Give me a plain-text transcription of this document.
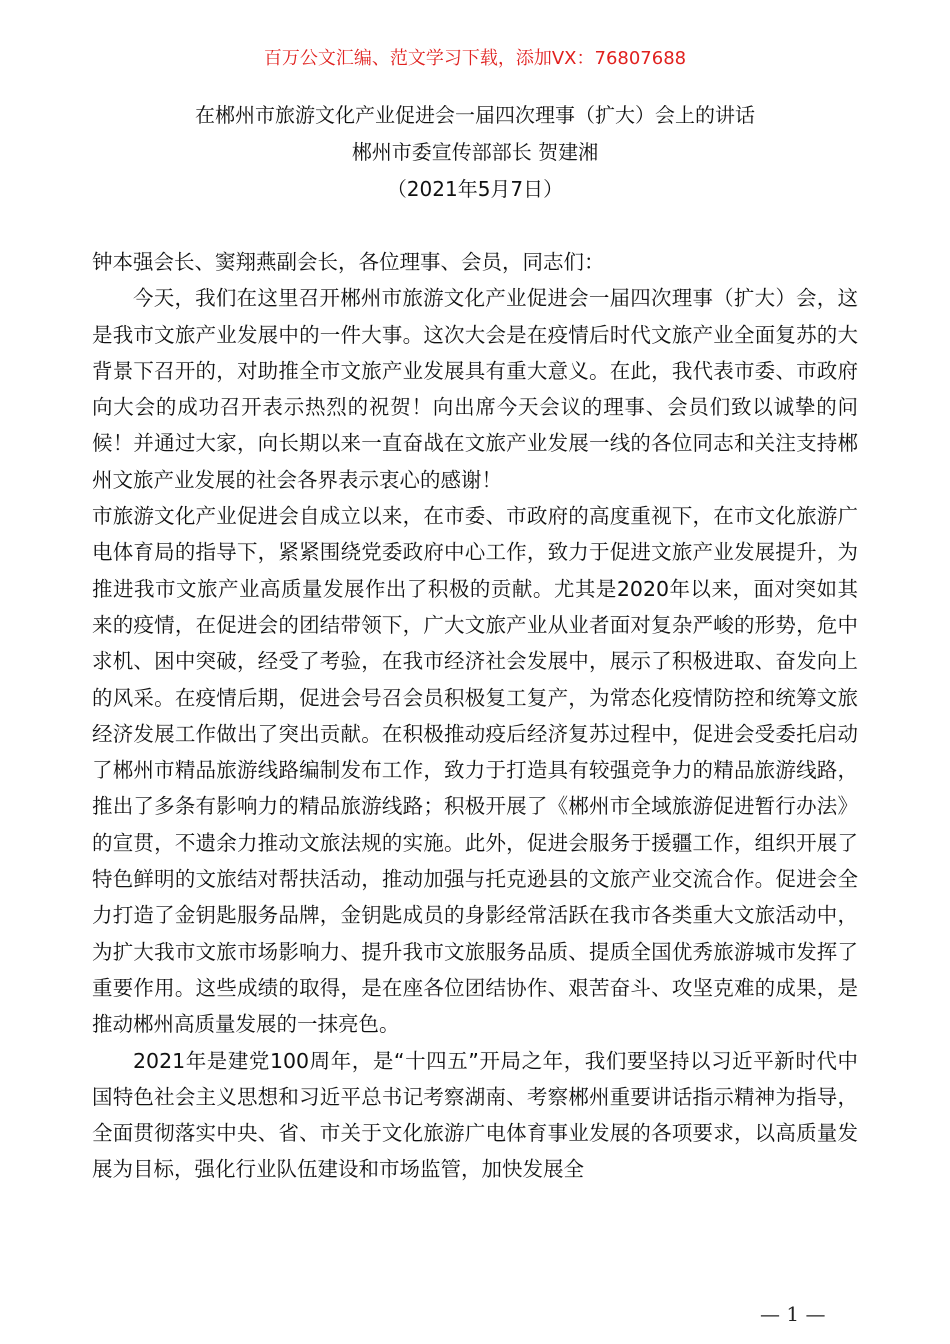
百万公文汇编、范文学习下载，添加VX：76807688
在郴州市旅游文化产业促进会一届四次理事（扩大）会上的讲话
郴州市委宣传部部长 贺建湘
（2021年5月7日）

钟本强会长、窦翔燕副会长，各位理事、会员，同志们：

今天，我们在这里召开郴州市旅游文化产业促进会一届四次理事（扩大）会，这是我市文旅产业发展中的一件大事。这次大会是在疫情后时代文旅产业全面复苏的大背景下召开的，对助推全市文旅产业发展具有重大意义。在此，我代表市委、市政府向大会的成功召开表示热烈的祝贺！向出席今天会议的理事、会员们致以诚挚的问候！并通过大家，向长期以来一直奋战在文旅产业发展一线的各位同志和关注支持郴州文旅产业发展的社会各界表示衷心的感谢！

市旅游文化产业促进会自成立以来，在市委、市政府的高度重视下，在市文化旅游广电体育局的指导下，紧紧围绕党委政府中心工作，致力于促进文旅产业发展提升，为推进我市文旅产业高质量发展作出了积极的贡献。尤其是2020年以来，面对突如其来的疫情，在促进会的团结带领下，广大文旅产业从业者面对复杂严峻的形势，危中求机、困中突破，经受了考验，在我市经济社会发展中，展示了积极进取、奋发向上的风采。在疫情后期，促进会号召会员积极复工复产，为常态化疫情防控和统筹文旅经济发展工作做出了突出贡献。在积极推动疫后经济复苏过程中，促进会受委托启动了郴州市精品旅游线路编制发布工作，致力于打造具有较强竞争力的精品旅游线路，推出了多条有影响力的精品旅游线路；积极开展了《郴州市全域旅游促进暂行办法》的宣贯，不遗余力推动文旅法规的实施。此外，促进会服务于援疆工作，组织开展了特色鲜明的文旅结对帮扶活动，推动加强与托克逊县的文旅产业交流合作。促进会全力打造了金钥匙服务品牌，金钥匙成员的身影经常活跃在我市各类重大文旅活动中，为扩大我市文旅市场影响力、提升我市文旅服务品质、提质全国优秀旅游城市发挥了重要作用。这些成绩的取得，是在座各位团结协作、艰苦奋斗、攻坚克难的成果，是推动郴州高质量发展的一抹亮色。

2021年是建党100周年，是“十四五”开局之年，我们要坚持以习近平新时代中国特色社会主义思想和习近平总书记考察湖南、考察郴州重要讲话指示精神为指导，全面贯彻落实中央、省、市关于文化旅游广电体育事业发展的各项要求，以高质量发展为目标，强化行业队伍建设和市场监管，加快发展全

— 1 —
